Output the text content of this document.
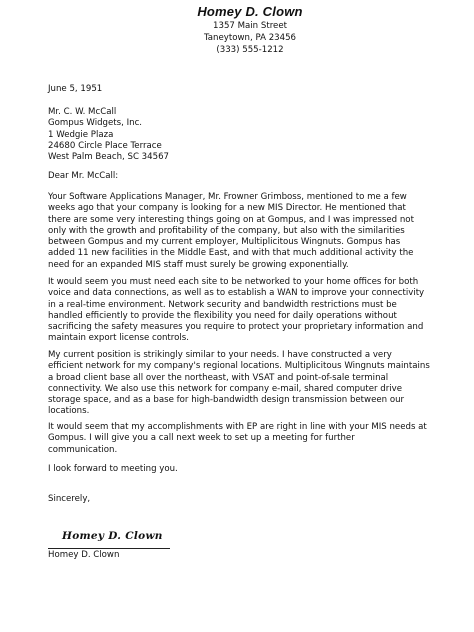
Homey D. Clown
1357 Main Street
Taneytown, PA 23456
(333) 555-1212
June 5, 1951
Mr. C. W. McCall
Gompus Widgets, Inc.
1 Wedgie Plaza
24680 Circle Place Terrace
West Palm Beach, SC 34567
Dear Mr. McCall:
Your Software Applications Manager, Mr. Frowner Grimboss, mentioned to me a few
weeks ago that your company is looking for a new MIS Director. He mentioned that
there are some very interesting things going on at Gompus, and I was impressed not
only with the growth and profitability of the company, but also with the similarities
between Gompus and my current employer, Multiplicitous Wingnuts. Gompus has
added 11 new facilities in the Middle East, and with that much additional activity the
need for an expanded MIS staff must surely be growing exponentially.
It would seem you must need each site to be networked to your home offices for both
voice and data connections, as well as to establish a WAN to improve your connectivity
in a real-time environment. Network security and bandwidth restrictions must be
handled efficiently to provide the flexibility you need for daily operations without
sacrificing the safety measures you require to protect your proprietary information and
maintain export license controls.
My current position is strikingly similar to your needs. I have constructed a very
efficient network for my company's regional locations. Multiplicitous Wingnuts maintains
a broad client base all over the northeast, with VSAT and point-of-sale terminal
connectivity. We also use this network for company e-mail, shared computer drive
storage space, and as a base for high-bandwidth design transmission between our
locations.
It would seem that my accomplishments with EP are right in line with your MIS needs at
Gompus. I will give you a call next week to set up a meeting for further
communication.
I look forward to meeting you.
Sincerely,
Homey D. Clown
Homey D. Clown
